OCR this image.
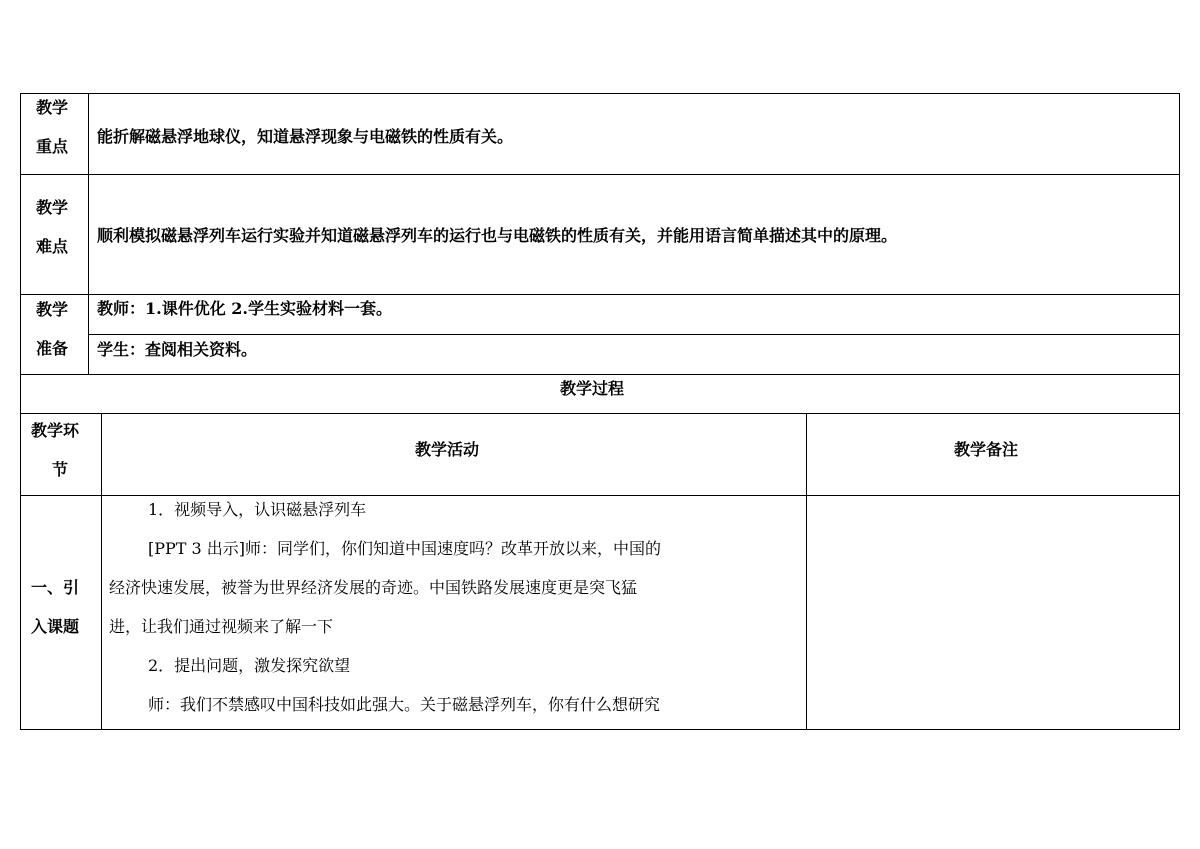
教学
重点
能折解磁悬浮地球仪，知道悬浮现象与电磁铁的性质有关。
教学
难点
顺利模拟磁悬浮列车运行实验并知道磁悬浮列车的运行也与电磁铁的性质有关，并能用语言简单描述其中的原理。
教学
准备
教师：1.课件优化 2.学生实验材料一套。
学生：查阅相关资料。
教学过程
教学环
节
教学活动	教学备注
一、引
入课题
1．视频导入，认识磁悬浮列车
[PPT 3 出示]师：同学们，你们知道中国速度吗？改革开放以来，中国的
经济快速发展，被誉为世界经济发展的奇迹。中国铁路发展速度更是突飞猛
进，让我们通过视频来了解一下
2．提出问题，激发探究欲望
师：我们不禁感叹中国科技如此强大。关于磁悬浮列车，你有什么想研究
